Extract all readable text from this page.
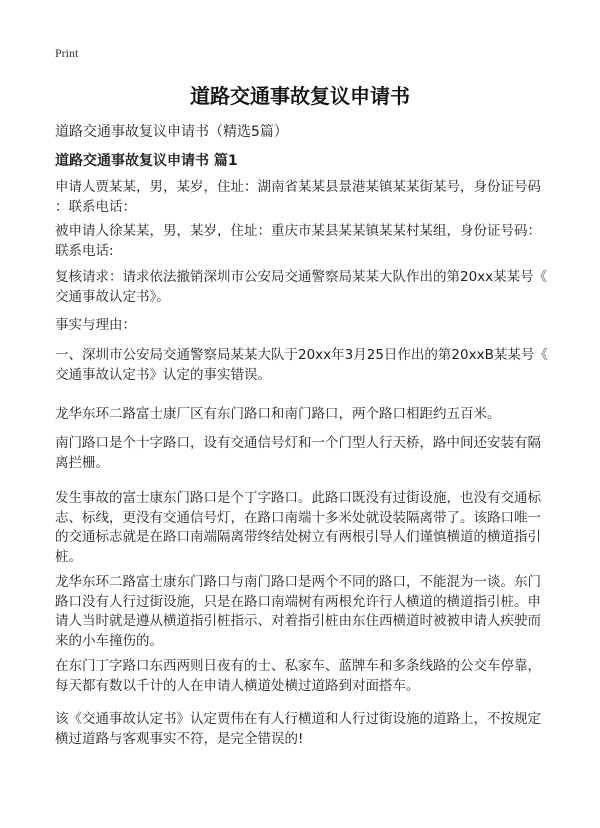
Print
道路交通事故复议申请书
道路交通事故复议申请书（精选5篇）
道路交通事故复议申请书 篇1
申请人贾某某，男，某岁，住址：湖南省某某县景港某镇某某街某号，身份证号码
：联系电话：
被申请人徐某某，男，某岁，住址：重庆市某县某某镇某某村某组，身份证号码：
联系电话:
复核请求：请求依法撤销深圳市公安局交通警察局某某大队作出的第20xx某某号《
交通事故认定书》。
事实与理由：
一、深圳市公安局交通警察局某某大队于20xx年3月25日作出的第20xxB某某号《
交通事故认定书》认定的事实错误。
龙华东环二路富士康厂区有东门路口和南门路口，两个路口相距约五百米。
南门路口是个十字路口，设有交通信号灯和一个门型人行天桥，路中间还安装有隔
离拦栅。
发生事故的富士康东门路口是个丁字路口。此路口既没有过街设施，也没有交通标
志、标线，更没有交通信号灯，在路口南端十多米处就设装隔离带了。该路口唯一
的交通标志就是在路口南端隔离带终结处树立有两根引导人们谨慎横道的横道指引
桩。
龙华东环二路富士康东门路口与南门路口是两个不同的路口，不能混为一谈。东门
路口没有人行过街设施，只是在路口南端树有两根允许行人横道的横道指引桩。申
请人当时就是遵从横道指引桩指示、对着指引桩由东住西横道时被被申请人疾驶而
来的小车撞伤的。
在东门丁字路口东西两则日夜有的士、私家车、蓝牌车和多条线路的公交车停靠，
每天都有数以千计的人在申请人横道处横过道路到对面搭车。
该《交通事故认定书》认定贾伟在有人行横道和人行过街设施的道路上，不按规定
横过道路与客观事实不符，是完全错误的!
